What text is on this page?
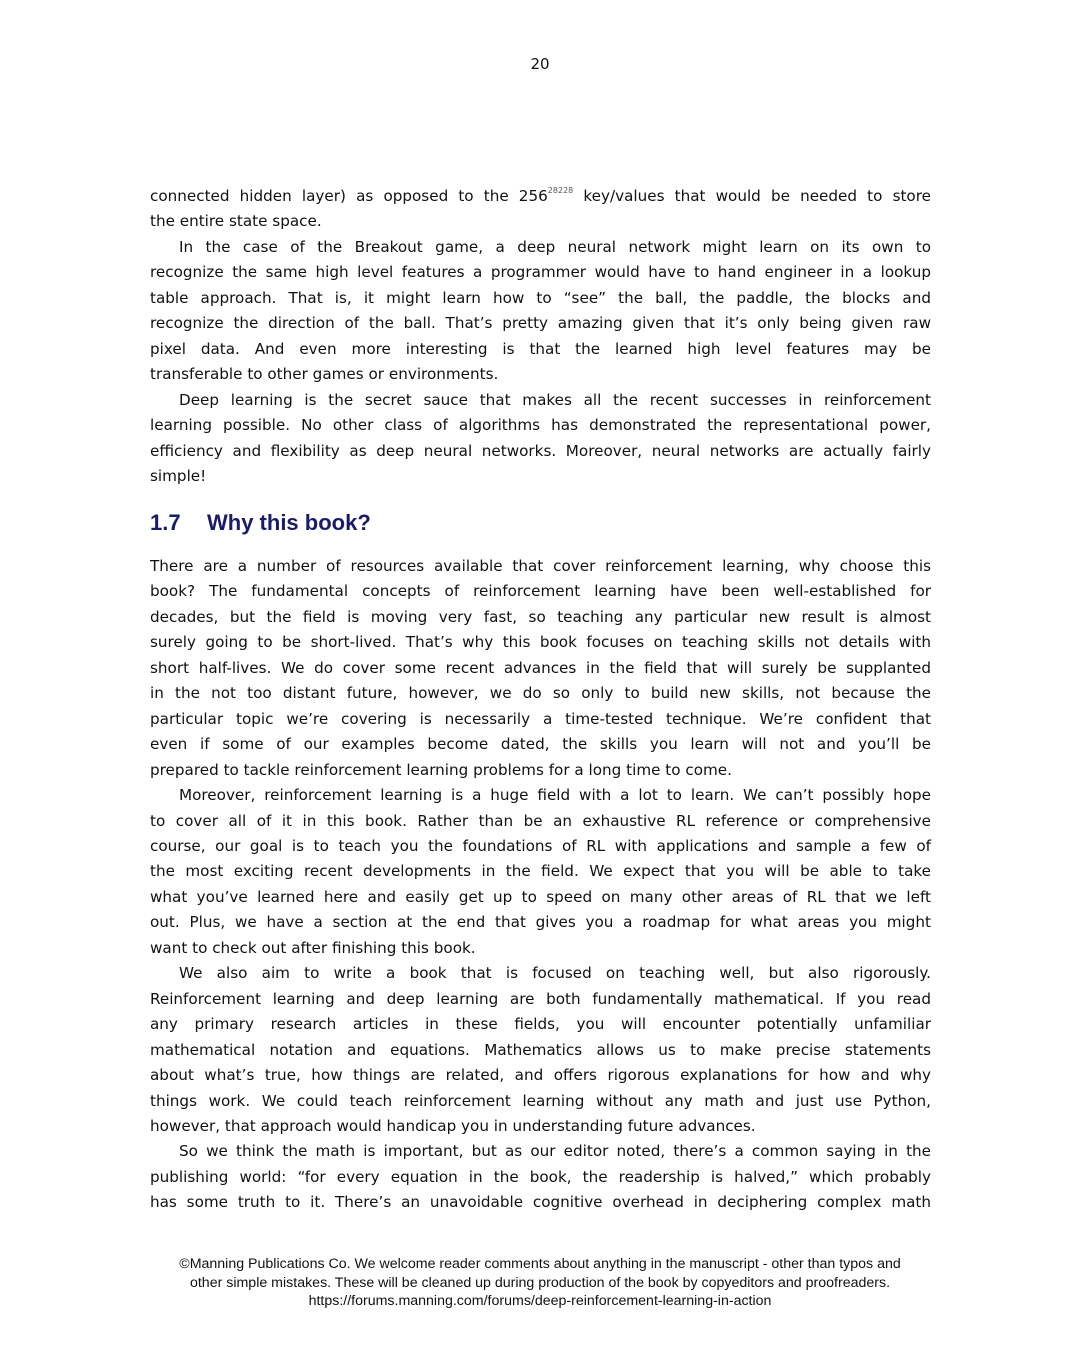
20
connected hidden layer) as opposed to the $256^{28228}$ key/values that would be needed to store
the entire state space.
In the case of the Breakout game, a deep neural network might learn on its own to
recognize the same high level features a programmer would have to hand engineer in a lookup
table approach. That is, it might learn how to “see” the ball, the paddle, the blocks and
recognize the direction of the ball. That’s pretty amazing given that it’s only being given raw
pixel data. And even more interesting is that the learned high level features may be
transferable to other games or environments.
Deep learning is the secret sauce that makes all the recent successes in reinforcement
learning possible. No other class of algorithms has demonstrated the representational power,
efficiency and flexibility as deep neural networks. Moreover, neural networks are actually fairly
simple!
1.7 Why this book?
There are a number of resources available that cover reinforcement learning, why choose this
book? The fundamental concepts of reinforcement learning have been well-established for
decades, but the field is moving very fast, so teaching any particular new result is almost
surely going to be short-lived. That’s why this book focuses on teaching skills not details with
short half-lives. We do cover some recent advances in the field that will surely be supplanted
in the not too distant future, however, we do so only to build new skills, not because the
particular topic we’re covering is necessarily a time-tested technique. We’re confident that
even if some of our examples become dated, the skills you learn will not and you’ll be
prepared to tackle reinforcement learning problems for a long time to come.
Moreover, reinforcement learning is a huge field with a lot to learn. We can’t possibly hope
to cover all of it in this book. Rather than be an exhaustive RL reference or comprehensive
course, our goal is to teach you the foundations of RL with applications and sample a few of
the most exciting recent developments in the field. We expect that you will be able to take
what you’ve learned here and easily get up to speed on many other areas of RL that we left
out. Plus, we have a section at the end that gives you a roadmap for what areas you might
want to check out after finishing this book.
We also aim to write a book that is focused on teaching well, but also rigorously.
Reinforcement learning and deep learning are both fundamentally mathematical. If you read
any primary research articles in these fields, you will encounter potentially unfamiliar
mathematical notation and equations. Mathematics allows us to make precise statements
about what’s true, how things are related, and offers rigorous explanations for how and why
things work. We could teach reinforcement learning without any math and just use Python,
however, that approach would handicap you in understanding future advances.
So we think the math is important, but as our editor noted, there’s a common saying in the
publishing world: “for every equation in the book, the readership is halved,” which probably
has some truth to it. There’s an unavoidable cognitive overhead in deciphering complex math
©Manning Publications Co. We welcome reader comments about anything in the manuscript - other than typos and
other simple mistakes. These will be cleaned up during production of the book by copyeditors and proofreaders.
https://forums.manning.com/forums/deep-reinforcement-learning-in-action
